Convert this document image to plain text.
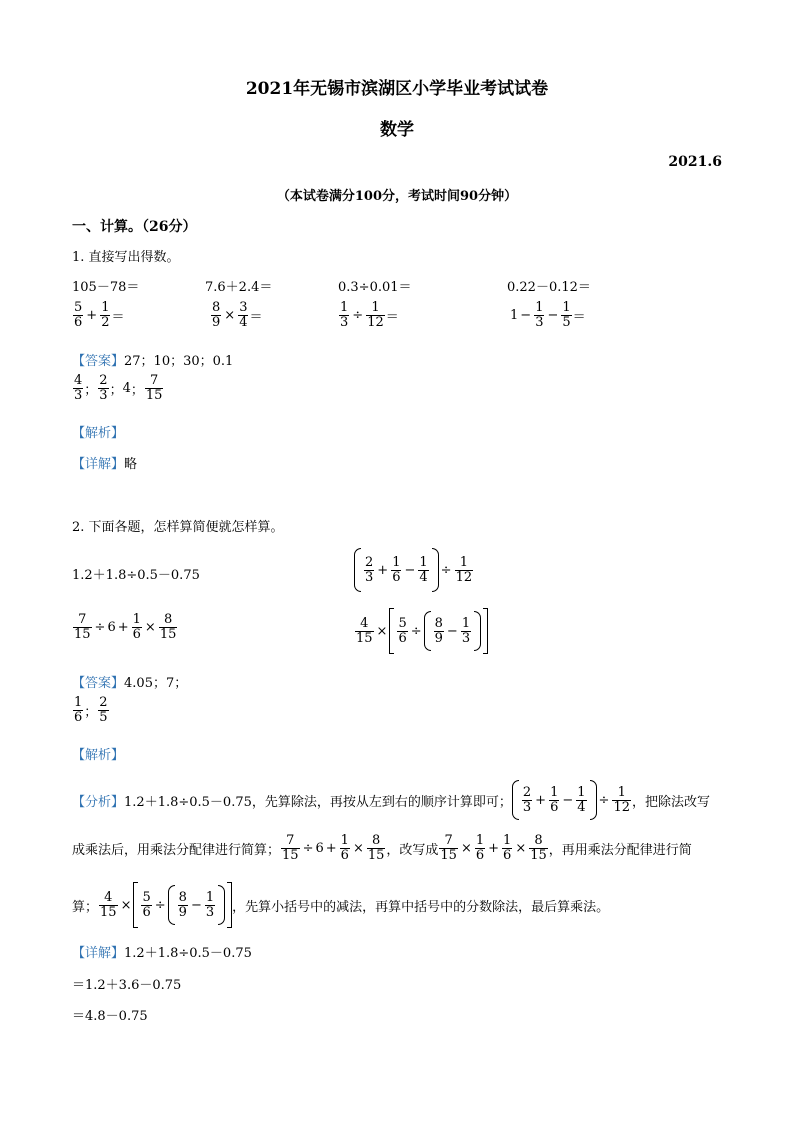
2021年无锡市滨湖区小学毕业考试试卷
数学
2021.6
（本试卷满分100分，考试时间90分钟）
一、计算。（26分）
1. 直接写出得数。
105－78＝	7.6＋2.4＝	0.3÷0.01＝	0.22－0.12＝
$\frac{5}{6} + \frac{1}{2}$ ＝	$\frac{8}{9} \times \frac{3}{4}$ ＝	$\frac{1}{3} \div \frac{1}{12}$ ＝	$1 - \frac{1}{3} - \frac{1}{5}$ ＝
【答案】27；10；30；0.1
$\frac{4}{3}$ ； $\frac{2}{3}$ ； 4 ； $\frac{7}{15}$
【解析】
【详解】略
2. 下面各题，怎样算简便就怎样算。
1.2＋1.8÷0.5－0.75	$\frac{2}{3} + \frac{1}{6} - \frac{1}{4} \div \frac{1}{12}$
$\frac{7}{15} \div 6 + \frac{1}{6} \times \frac{8}{15}$	$\frac{4}{15} \times \frac{5}{6} \div \frac{8}{9} - \frac{1}{3}$
【答案】4.05；7；
$\frac{1}{6}$ ； $\frac{2}{5}$
【解析】
【分析】 1.2＋1.8÷0.5－0.75，先算除法，再按从左到右的顺序计算即可； $\frac{2}{3} + \frac{1}{6} - \frac{1}{4} \div \frac{1}{12}$ ，把除法改写
成乘法后，用乘法分配律进行简算； $\frac{7}{15} \div 6 + \frac{1}{6} \times \frac{8}{15}$ ，改写成 $\frac{7}{15} \times \frac{1}{6} + \frac{1}{6} \times \frac{8}{15}$ ，再用乘法分配律进行简
算； $\frac{4}{15} \times \frac{5}{6} \div \frac{8}{9} - \frac{1}{3}$ ，先算小括号中的减法，再算中括号中的分数除法，最后算乘法。
【详解】1.2＋1.8÷0.5－0.75
＝1.2＋3.6－0.75
＝4.8－0.75
